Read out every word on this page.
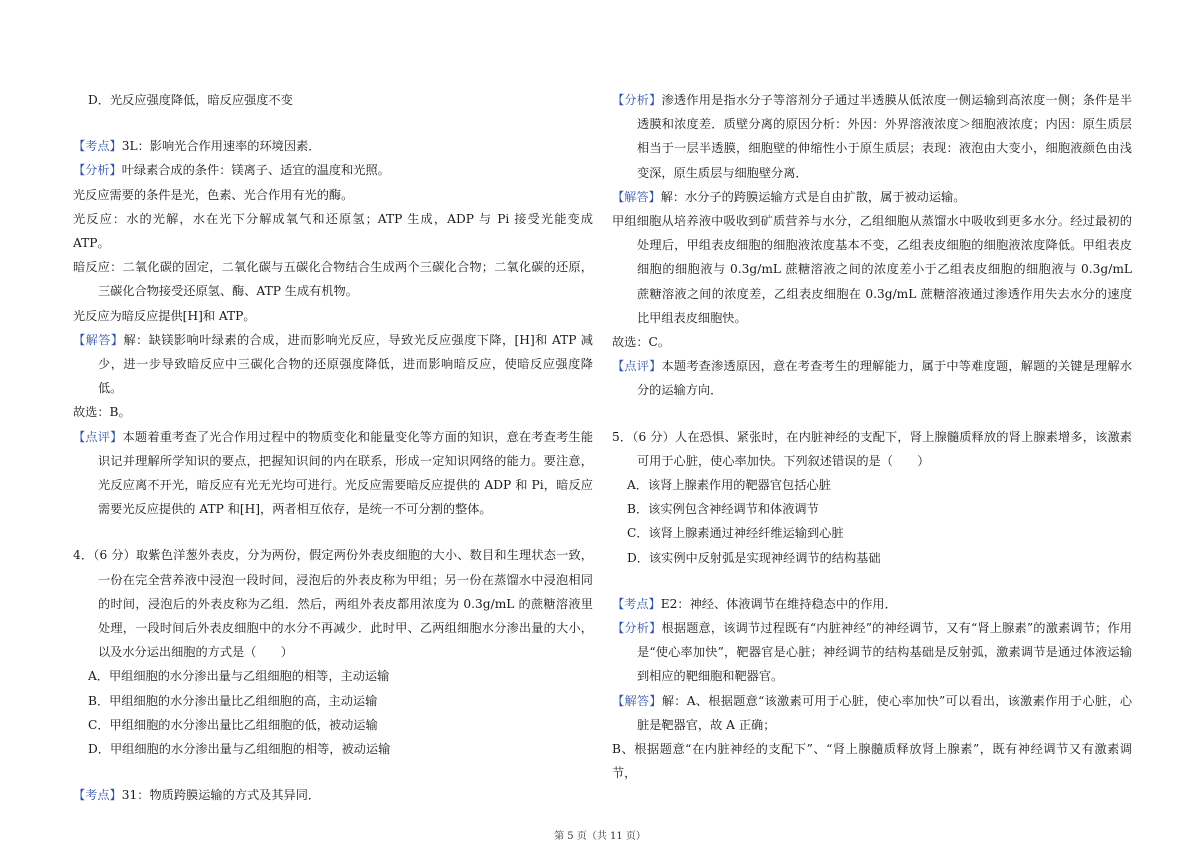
D．光反应强度降低，暗反应强度不变

【考点】3L：影响光合作用速率的环境因素．

【分析】叶绿素合成的条件：镁离子、适宜的温度和光照。

光反应需要的条件是光，色素、光合作用有光的酶。

光反应：水的光解，水在光下分解成氧气和还原氢；ATP 生成，ADP 与 Pi 接受光能变成 ATP。

暗反应：二氧化碳的固定，二氧化碳与五碳化合物结合生成两个三碳化合物；二氧化碳的还原，三碳化合物接受还原氢、酶、ATP 生成有机物。

光反应为暗反应提供[H]和 ATP。

【解答】解：缺镁影响叶绿素的合成，进而影响光反应，导致光反应强度下降，[H]和 ATP 减少，进一步导致暗反应中三碳化合物的还原强度降低，进而影响暗反应，使暗反应强度降低。

故选：B。

【点评】本题着重考查了光合作用过程中的物质变化和能量变化等方面的知识，意在考查考生能识记并理解所学知识的要点，把握知识间的内在联系，形成一定知识网络的能力。要注意，光反应离不开光，暗反应有光无光均可进行。光反应需要暗反应提供的 ADP 和 Pi，暗反应需要光反应提供的 ATP 和[H]，两者相互依存，是统一不可分割的整体。

4．（6 分）取紫色洋葱外表皮，分为两份，假定两份外表皮细胞的大小、数目和生理状态一致，一份在完全营养液中浸泡一段时间，浸泡后的外表皮称为甲组；另一份在蒸馏水中浸泡相同的时间，浸泡后的外表皮称为乙组．然后，两组外表皮都用浓度为 0.3g/mL 的蔗糖溶液里处理，一段时间后外表皮细胞中的水分不再减少．此时甲、乙两组细胞水分渗出量的大小，以及水分运出细胞的方式是（　　）

A．甲组细胞的水分渗出量与乙组细胞的相等，主动运输

B．甲组细胞的水分渗出量比乙组细胞的高，主动运输

C．甲组细胞的水分渗出量比乙组细胞的低，被动运输

D．甲组细胞的水分渗出量与乙组细胞的相等，被动运输

【考点】31：物质跨膜运输的方式及其异同．

【分析】渗透作用是指水分子等溶剂分子通过半透膜从低浓度一侧运输到高浓度一侧；条件是半透膜和浓度差．质壁分离的原因分析：外因：外界溶液浓度＞细胞液浓度；内因：原生质层相当于一层半透膜，细胞壁的伸缩性小于原生质层；表现：液泡由大变小，细胞液颜色由浅变深，原生质层与细胞壁分离．

【解答】解：水分子的跨膜运输方式是自由扩散，属于被动运输。

甲组细胞从培养液中吸收到矿质营养与水分，乙组细胞从蒸馏水中吸收到更多水分。经过最初的处理后，甲组表皮细胞的细胞液浓度基本不变，乙组表皮细胞的细胞液浓度降低。甲组表皮细胞的细胞液与 0.3g/mL 蔗糖溶液之间的浓度差小于乙组表皮细胞的细胞液与 0.3g/mL 蔗糖溶液之间的浓度差，乙组表皮细胞在 0.3g/mL 蔗糖溶液通过渗透作用失去水分的速度比甲组表皮细胞快。

故选：C。

【点评】本题考查渗透原因，意在考查考生的理解能力，属于中等难度题，解题的关键是理解水分的运输方向．

5．（6 分）人在恐惧、紧张时，在内脏神经的支配下，肾上腺髓质释放的肾上腺素增多，该激素可用于心脏，使心率加快。下列叙述错误的是（　　）

A．该肾上腺素作用的靶器官包括心脏

B．该实例包含神经调节和体液调节

C．该肾上腺素通过神经纤维运输到心脏

D．该实例中反射弧是实现神经调节的结构基础

【考点】E2：神经、体液调节在维持稳态中的作用．

【分析】根据题意，该调节过程既有“内脏神经”的神经调节，又有“肾上腺素”的激素调节；作用是“使心率加快”，靶器官是心脏；神经调节的结构基础是反射弧，激素调节是通过体液运输到相应的靶细胞和靶器官。

【解答】解：A、根据题意“该激素可用于心脏，使心率加快”可以看出，该激素作用于心脏，心脏是靶器官，故 A 正确；

B、根据题意“在内脏神经的支配下”、“肾上腺髓质释放肾上腺素”，既有神经调节又有激素调节，

第 5 页（共 11 页）
